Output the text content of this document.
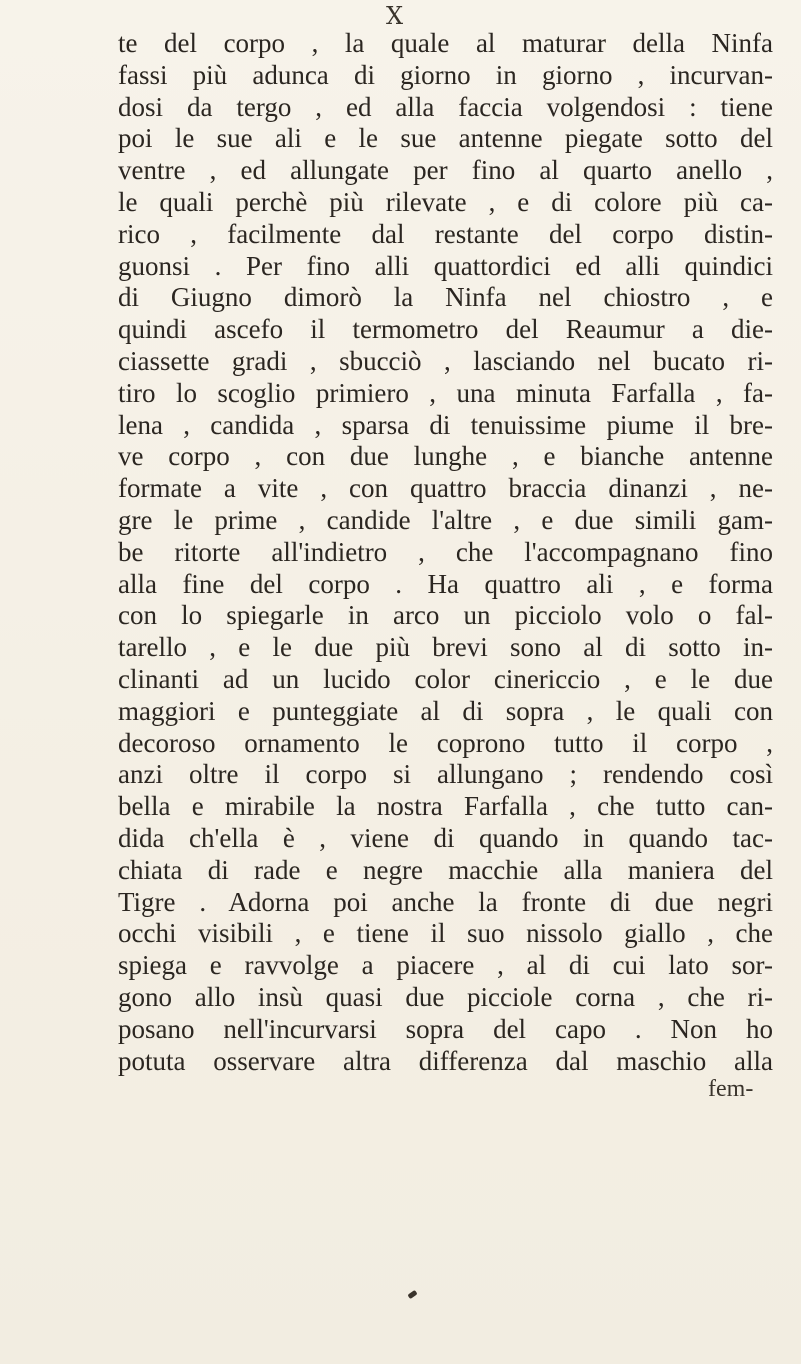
X
te del corpo , la quale al maturar della Ninfa
fassi più adunca di giorno in giorno , incurvan-
dosi da tergo , ed alla faccia volgendosi : tiene
poi le sue ali e le sue antenne piegate sotto del
ventre , ed allungate per fino al quarto anello ,
le quali perchè più rilevate , e di colore più ca-
rico , facilmente dal restante del corpo distin-
guonsi . Per fino alli quattordici ed alli quindici
di Giugno dimorò la Ninfa nel chiostro , e
quindi ascefo il termometro del Reaumur a die-
ciassette gradi , sbucciò , lasciando nel bucato ri-
tiro lo scoglio primiero , una minuta Farfalla , fa-
lena , candida , sparsa di tenuissime piume il bre-
ve corpo , con due lunghe , e bianche antenne
formate a vite , con quattro braccia dinanzi , ne-
gre le prime , candide l'altre , e due simili gam-
be ritorte all'indietro , che l'accompagnano fino
alla fine del corpo . Ha quattro ali , e forma
con lo spiegarle in arco un picciolo volo o fal-
tarello , e le due più brevi sono al di sotto in-
clinanti ad un lucido color cinericcio , e le due
maggiori e punteggiate al di sopra , le quali con
decoroso ornamento le coprono tutto il corpo ,
anzi oltre il corpo si allungano ; rendendo così
bella e mirabile la nostra Farfalla , che tutto can-
dida ch'ella è , viene di quando in quando tac-
chiata di rade e negre macchie alla maniera del
Tigre . Adorna poi anche la fronte di due negri
occhi visibili , e tiene il suo nissolo giallo , che
spiega e ravvolge a piacere , al di cui lato sor-
gono allo insù quasi due picciole corna , che ri-
posano nell'incurvarsi sopra del capo . Non ho
potuta osservare altra differenza dal maschio alla
fem-
